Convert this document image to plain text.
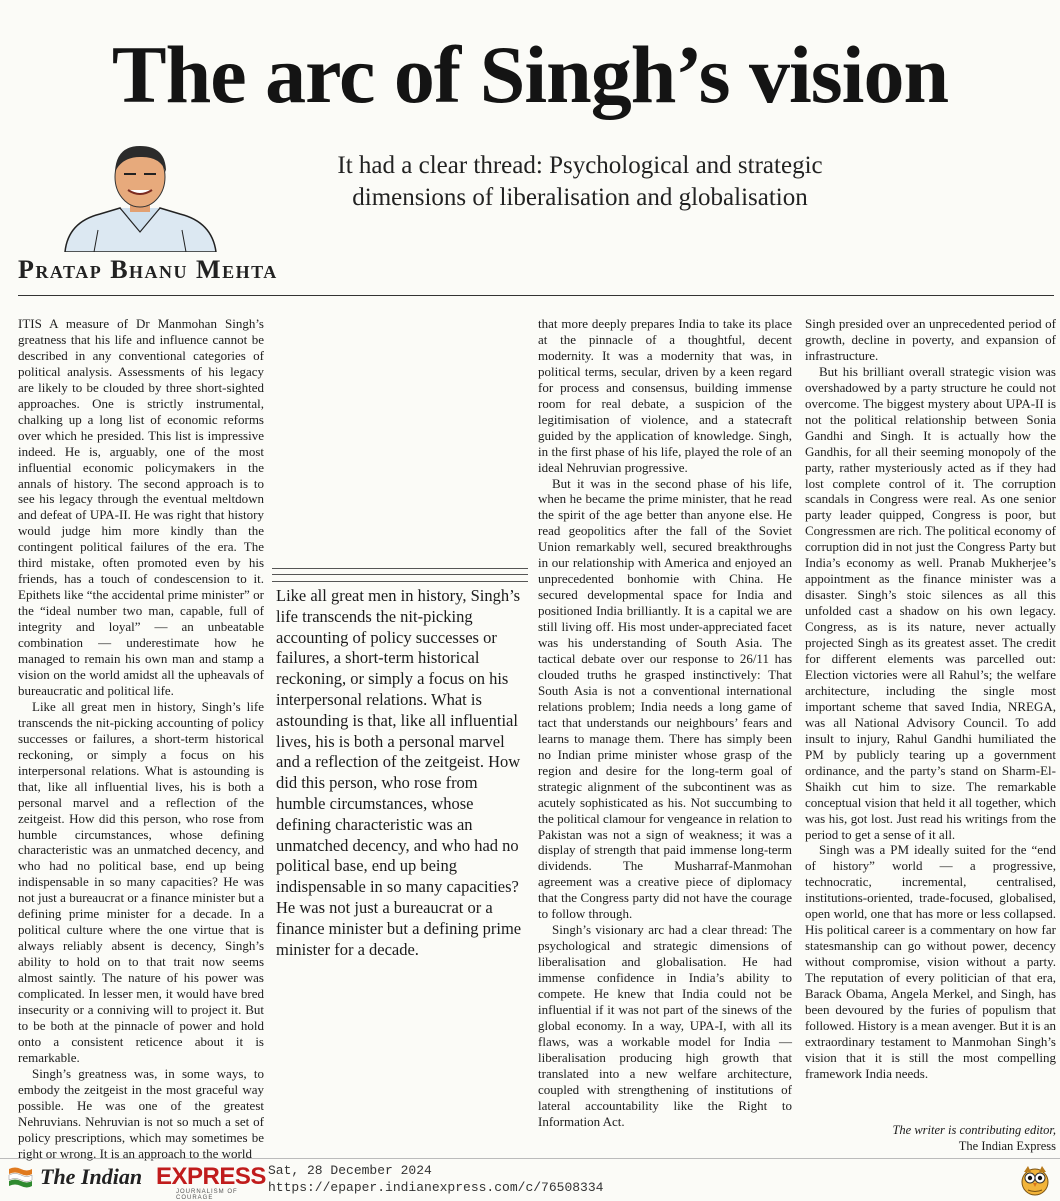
The arc of Singh’s vision

It had a clear thread: Psychological and strategic dimensions of liberalisation and globalisation

Pratap Bhanu Mehta

ITIS A measure of Dr Manmohan Singh’s greatness that his life and influence cannot be described in any conventional categories of political analysis. Assessments of his legacy are likely to be clouded by three short-sighted approaches. One is strictly instrumental, chalking up a long list of economic reforms over which he presided. This list is impressive indeed. He is, arguably, one of the most influential economic policymakers in the annals of history. The second approach is to see his legacy through the eventual meltdown and defeat of UPA-II. He was right that history would judge him more kindly than the contingent political failures of the era. The third mistake, often promoted even by his friends, has a touch of condescension to it. Epithets like “the accidental prime minister” or the “ideal number two man, capable, full of integrity and loyal” — an unbeatable combination — underestimate how he managed to remain his own man and stamp a vision on the world amidst all the upheavals of bureaucratic and political life.

Like all great men in history, Singh’s life transcends the nit-picking accounting of policy successes or failures, a short-term historical reckoning, or simply a focus on his interpersonal relations. What is astounding is that, like all influential lives, his is both a personal marvel and a reflection of the zeitgeist. How did this person, who rose from humble circumstances, whose defining characteristic was an unmatched decency, and who had no political base, end up being indispensable in so many capacities? He was not just a bureaucrat or a finance minister but a defining prime minister for a decade. In a political culture where the one virtue that is always reliably absent is decency, Singh’s ability to hold on to that trait now seems almost saintly. The nature of his power was complicated. In lesser men, it would have bred insecurity or a conniving will to project it. But to be both at the pinnacle of power and hold onto a consistent reticence about it is remarkable.

Singh’s greatness was, in some ways, to embody the zeitgeist in the most graceful way possible. He was one of the greatest Nehruvians. Nehruvian is not so much a set of policy prescriptions, which may sometimes be right or wrong. It is an approach to the world

Like all great men in history, Singh’s life transcends the nit-picking accounting of policy successes or failures, a short-term historical reckoning, or simply a focus on his interpersonal relations. What is astounding is that, like all influential lives, his is both a personal marvel and a reflection of the zeitgeist. How did this person, who rose from humble circumstances, whose defining characteristic was an unmatched decency, and who had no political base, end up being indispensable in so many capacities? He was not just a bureaucrat or a finance minister but a defining prime minister for a decade.

that more deeply prepares India to take its place at the pinnacle of a thoughtful, decent modernity. It was a modernity that was, in political terms, secular, driven by a keen regard for process and consensus, building immense room for real debate, a suspicion of the legitimisation of violence, and a statecraft guided by the application of knowledge. Singh, in the first phase of his life, played the role of an ideal Nehruvian progressive.

But it was in the second phase of his life, when he became the prime minister, that he read the spirit of the age better than anyone else. He read geopolitics after the fall of the Soviet Union remarkably well, secured breakthroughs in our relationship with America and enjoyed an unprecedented bonhomie with China. He secured developmental space for India and positioned India brilliantly. It is a capital we are still living off. His most under-appreciated facet was his understanding of South Asia. The tactical debate over our response to 26/11 has clouded truths he grasped instinctively: That South Asia is not a conventional international relations problem; India needs a long game of tact that understands our neighbours’ fears and learns to manage them. There has simply been no Indian prime minister whose grasp of the region and desire for the long-term goal of strategic alignment of the subcontinent was as acutely sophisticated as his. Not succumbing to the political clamour for vengeance in relation to Pakistan was not a sign of weakness; it was a display of strength that paid immense long-term dividends. The Musharraf-Manmohan agreement was a creative piece of diplomacy that the Congress party did not have the courage to follow through.

Singh’s visionary arc had a clear thread: The psychological and strategic dimensions of liberalisation and globalisation. He had immense confidence in India’s ability to compete. He knew that India could not be influential if it was not part of the sinews of the global economy. In a way, UPA-I, with all its flaws, was a workable model for India — liberalisation producing high growth that translated into a new welfare architecture, coupled with strengthening of institutions of lateral accountability like the Right to Information Act.

Singh presided over an unprecedented period of growth, decline in poverty, and expansion of infrastructure.

But his brilliant overall strategic vision was overshadowed by a party structure he could not overcome. The biggest mystery about UPA-II is not the political relationship between Sonia Gandhi and Singh. It is actually how the Gandhis, for all their seeming monopoly of the party, rather mysteriously acted as if they had lost complete control of it. The corruption scandals in Congress were real. As one senior party leader quipped, Congress is poor, but Congressmen are rich. The political economy of corruption did in not just the Congress Party but India’s economy as well. Pranab Mukherjee’s appointment as the finance minister was a disaster. Singh’s stoic silences as all this unfolded cast a shadow on his own legacy. Congress, as is its nature, never actually projected Singh as its greatest asset. The credit for different elements was parcelled out: Election victories were all Rahul’s; the welfare architecture, including the single most important scheme that saved India, NREGA, was all National Advisory Council. To add insult to injury, Rahul Gandhi humiliated the PM by publicly tearing up a government ordinance, and the party’s stand on Sharm-El-Shaikh cut him to size. The remarkable conceptual vision that held it all together, which was his, got lost. Just read his writings from the period to get a sense of it all.

Singh was a PM ideally suited for the “end of history” world — a progressive, technocratic, incremental, centralised, institutions-oriented, trade-focused, globalised, open world, one that has more or less collapsed. His political career is a commentary on how far statesmanship can go without power, decency without compromise, vision without a party. The reputation of every politician of that era, Barack Obama, Angela Merkel, and Singh, has been devoured by the furies of populism that followed. History is a mean avenger. But it is an extraordinary testament to Manmohan Singh’s vision that it is still the most compelling framework India needs.

The writer is contributing editor,
The Indian Express
The Indian EXPRESS
JOURNALISM OF COURAGE
Sat, 28 December 2024
https://epaper.indianexpress.com/c/76508334
